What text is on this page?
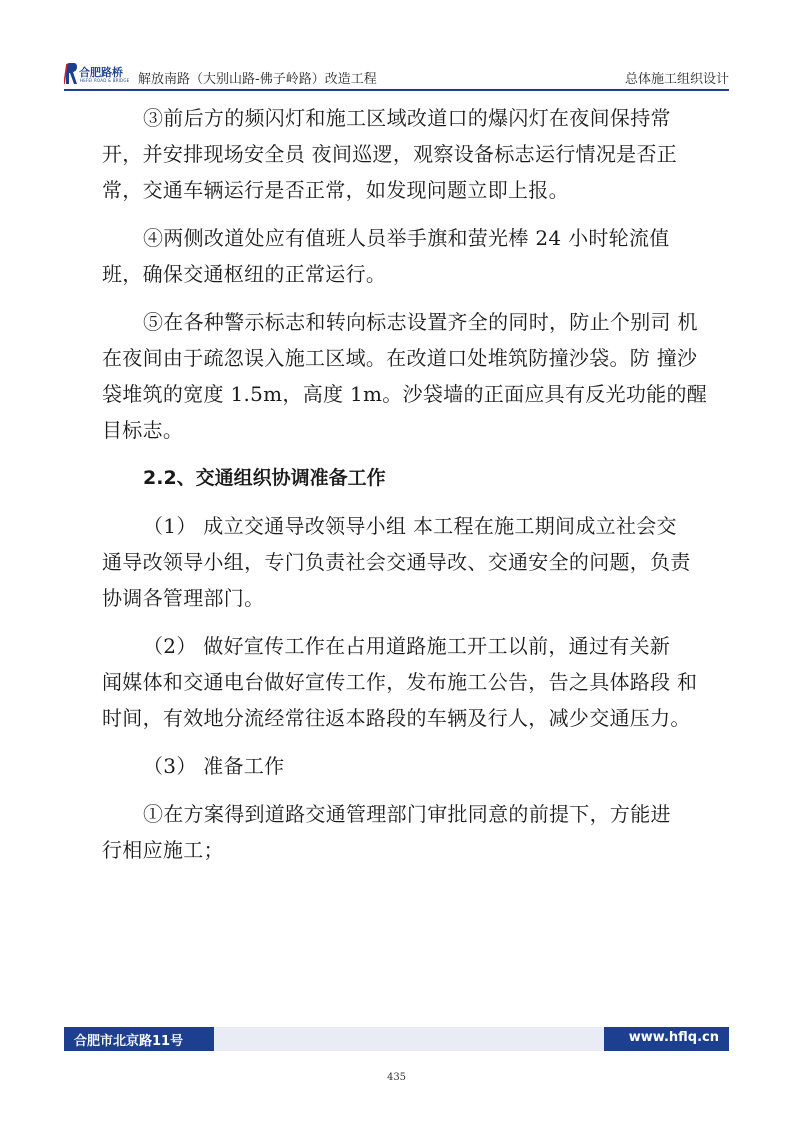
合肥路桥
HEFEI ROAD & BRIDGE 解放南路（大别山路-佛子岭路）改造工程	总体施工组织设计

③前后方的频闪灯和施工区域改道口的爆闪灯在夜间保持常
开，并安排现场安全员 夜间巡逻，观察设备标志运行情况是否正
常，交通车辆运行是否正常，如发现问题立即上报。

④两侧改道处应有值班人员举手旗和萤光棒 24 小时轮流值
班，确保交通枢纽的正常运行。

⑤在各种警示标志和转向标志设置齐全的同时，防止个别司 机
在夜间由于疏忽误入施工区域。在改道口处堆筑防撞沙袋。防 撞沙
袋堆筑的宽度 1.5m，高度 1m。沙袋墙的正面应具有反光功能的醒
目标志。

2.2、交通组织协调准备工作

（1） 成立交通导改领导小组 本工程在施工期间成立社会交
通导改领导小组，专门负责社会交通导改、交通安全的问题，负责
协调各管理部门。

（2） 做好宣传工作在占用道路施工开工以前，通过有关新
闻媒体和交通电台做好宣传工作，发布施工公告，告之具体路段 和
时间，有效地分流经常往返本路段的车辆及行人，减少交通压力。

（3） 准备工作

①在方案得到道路交通管理部门审批同意的前提下，方能进
行相应施工；

合肥市北京路11号	www.hflq.cn
435
